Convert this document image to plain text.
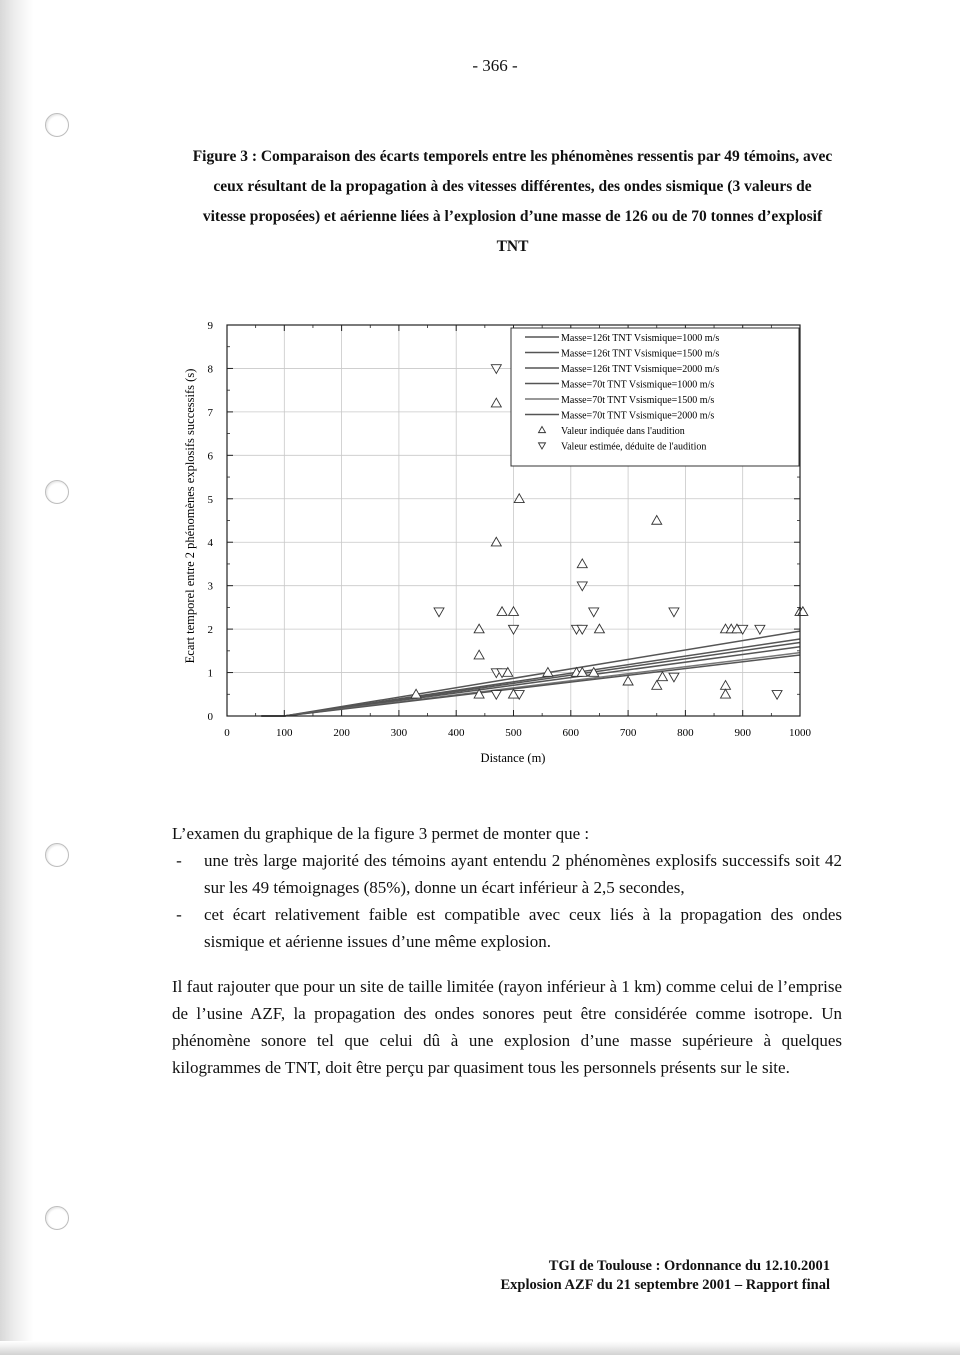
- 366 -
Figure 3 : Comparaison des écarts temporels entre les phénomènes ressentis par 49 témoins, avec ceux résultant de la propagation à des vitesses différentes, des ondes sismique (3 valeurs de vitesse proposées) et aérienne liées à l’explosion d’une masse de 126 ou de 70 tonnes d’explosif TNT
0	100	200	300	400	500	600	700	800	900	1000
0
1
2
3
4
5
6
7
8
9
Distance (m)
Ecart temporel entre 2 phénomènes explosifs successifs (s)
Masse=126t TNT Vsismique=1000 m/s
Masse=126t TNT Vsismique=1500 m/s
Masse=126t TNT Vsismique=2000 m/s
Masse=70t TNT Vsismique=1000 m/s
Masse=70t TNT Vsismique=1500 m/s
Masse=70t TNT Vsismique=2000 m/s
Valeur indiquée dans l'audition
Valeur estimée, déduite de l'audition

L’examen du graphique de la figure 3 permet de monter que :

- une très large majorité des témoins ayant entendu 2 phénomènes explosifs successifs soit 42 sur les 49 témoignages (85%), donne un écart inférieur à 2,5 secondes,
- cet écart relativement faible est compatible avec ceux liés à la propagation des ondes sismique et aérienne issues d’une même explosion.

Il faut rajouter que pour un site de taille limitée (rayon inférieur à 1 km) comme celui de l’emprise de l’usine AZF, la propagation des ondes sonores peut être considérée comme isotrope. Un phénomène sonore tel que celui dû à une explosion d’une masse supérieure à quelques kilogrammes de TNT, doit être perçu par quasiment tous les personnels présents sur le site.

TGI de Toulouse : Ordonnance du 12.10.2001
Explosion AZF du 21 septembre 2001 – Rapport final
